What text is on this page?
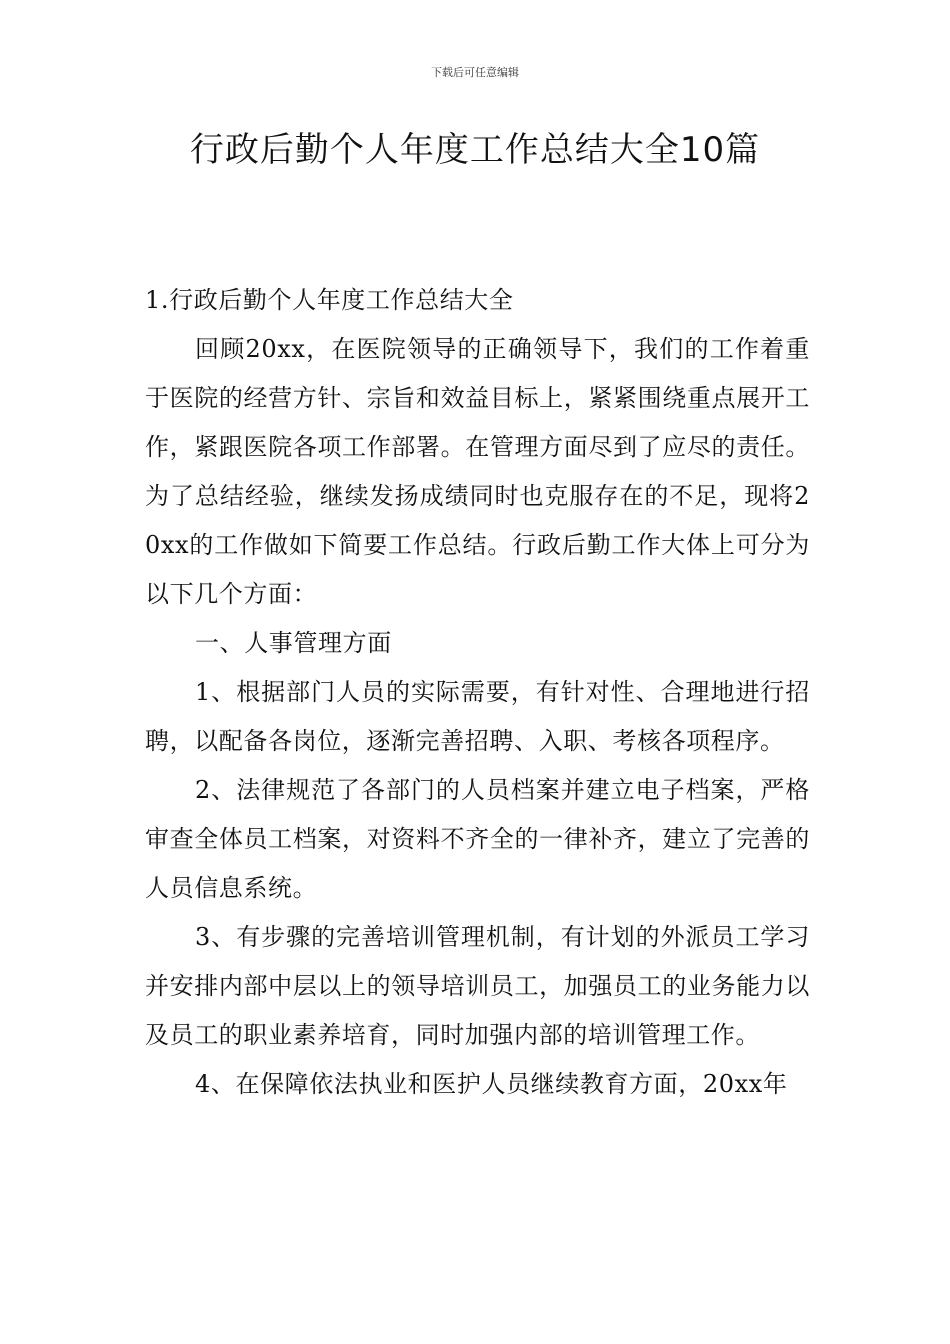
下载后可任意编辑
行政后勤个人年度工作总结大全10篇

1.行政后勤个人年度工作总结大全

回顾20xx，在医院领导的正确领导下，我们的工作着重于医院的经营方针、宗旨和效益目标上，紧紧围绕重点展开工作，紧跟医院各项工作部署。在管理方面尽到了应尽的责任。为了总结经验，继续发扬成绩同时也克服存在的不足，现将20xx的工作做如下简要工作总结。行政后勤工作大体上可分为以下几个方面：

一、人事管理方面

1、根据部门人员的实际需要，有针对性、合理地进行招聘，以配备各岗位，逐渐完善招聘、入职、考核各项程序。

2、法律规范了各部门的人员档案并建立电子档案，严格审查全体员工档案，对资料不齐全的一律补齐，建立了完善的人员信息系统。

3、有步骤的完善培训管理机制，有计划的外派员工学习并安排内部中层以上的领导培训员工，加强员工的业务能力以及员工的职业素养培育，同时加强内部的培训管理工作。

4、在保障依法执业和医护人员继续教育方面，20xx年
